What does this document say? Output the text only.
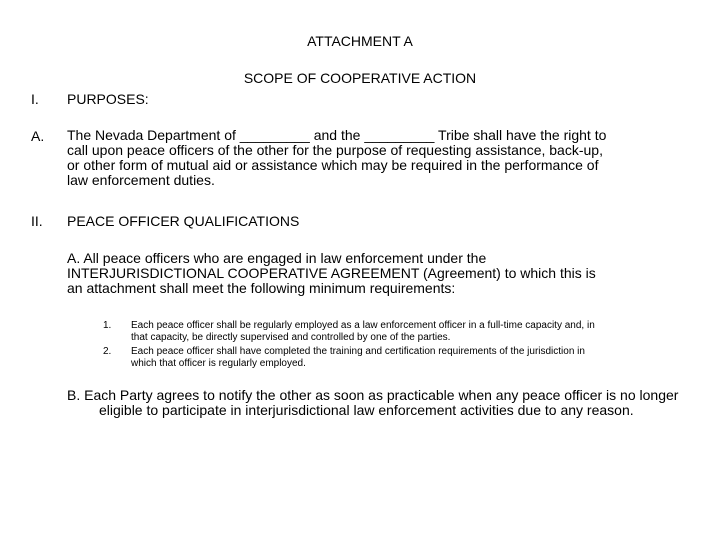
ATTACHMENT A
SCOPE OF COOPERATIVE ACTION
I. PURPOSES:
A. The Nevada Department of _________ and the _________ Tribe shall have the right to
call upon peace officers of the other for the purpose of requesting assistance, back-up,
or other form of mutual aid or assistance which may be required in the performance of
law enforcement duties.
II. PEACE OFFICER QUALIFICATIONS
A. All peace officers who are engaged in law enforcement under the
INTERJURISDICTIONAL COOPERATIVE AGREEMENT (Agreement) to which this is
an attachment shall meet the following minimum requirements:
1. Each peace officer shall be regularly employed as a law enforcement officer in a full-time capacity and, in
that capacity, be directly supervised and controlled by one of the parties.
2. Each peace officer shall have completed the training and certification requirements of the jurisdiction in
which that officer is regularly employed.
B. Each Party agrees to notify the other as soon as practicable when any peace officer is no longer
eligible to participate in interjurisdictional law enforcement activities due to any reason.
